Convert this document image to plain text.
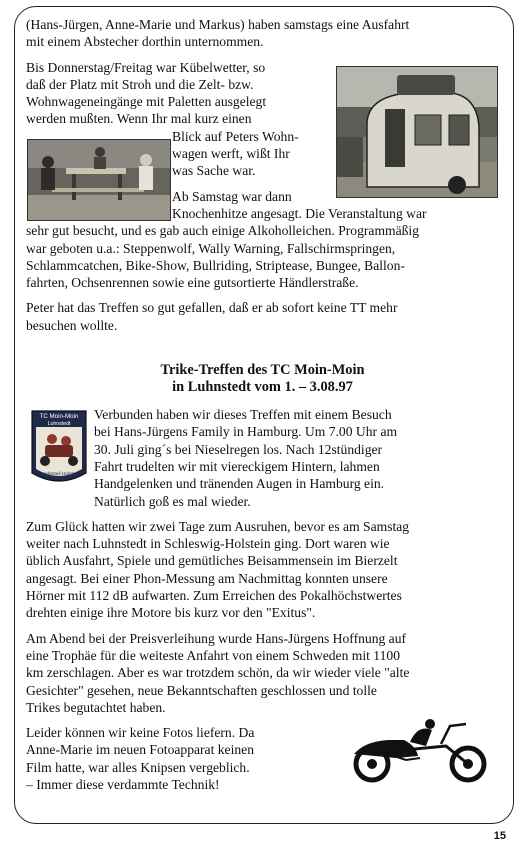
(Hans-Jürgen, Anne-Marie und Markus) haben samstags eine Ausfahrt

mit einem Abstecher dorthin unternommen.

Bis Donnerstag/Freitag war Kübelwetter, so

daß der Platz mit Stroh und die Zelt- bzw.

Wohnwageneingänge mit Paletten ausgelegt

werden mußten. Wenn Ihr mal kurz einen

Blick auf Peters Wohn-

wagen werft, wißt Ihr

was Sache war.

Ab Samstag war dann

Knochenhitze angesagt. Die Veranstaltung war

sehr gut besucht, und es gab auch einige Alkoholleichen. Programmäßig

war geboten u.a.: Steppenwolf, Wally Warning, Fallschirmspringen,

Schlammcatchen, Bike-Show, Bullriding, Striptease, Bungee, Ballon-

fahrten, Ochsenrennen sowie eine gutsortierte Händlerstraße.

Peter hat das Treffen so gut gefallen, daß er ab sofort keine TT mehr

besuchen wollte.

Trike-Treffen des TC Moin-Moin
in Luhnstedt vom 1. – 3.08.97

Verbunden haben wir dieses Treffen mit einem Besuch

bei Hans-Jürgens Family in Hamburg. Um 7.00 Uhr am

30. Juli ging´s bei Nieselregen los. Nach 12stündiger

Fahrt trudelten wir mit viereckigem Hintern, lahmen

Handgelenken und tränenden Augen in Hamburg ein.

Natürlich goß es mal wieder.

Zum Glück hatten wir zwei Tage zum Ausruhen, bevor es am Samstag

weiter nach Luhnstedt in Schleswig-Holstein ging. Dort waren wie

üblich Ausfahrt, Spiele und gemütliches Beisammensein im Bierzelt

angesagt. Bei einer Phon-Messung am Nachmittag konnten unsere

Hörner mit 112 dB aufwarten. Zum Erreichen des Pokalhöchstwertes

drehten einige ihre Motore bis kurz vor den "Exitus".

Am Abend bei der Preisverleihung wurde Hans-Jürgens Hoffnung auf

eine Trophäe für die weiteste Anfahrt von einem Schweden mit 1100

km zerschlagen. Aber es war trotzdem schön, da wir wieder viele "alte

Gesichter" gesehen, neue Bekanntschaften geschlossen und tolle

Trikes begutachtet haben.

Leider können wir keine Fotos liefern. Da

Anne-Marie im neuen Fotoapparat keinen

Film hatte, war alles Knipsen vergeblich.

– Immer diese verdammte Technik!

TC Moin-Moin
Luhnstedt
Landesteil Holstein
15
